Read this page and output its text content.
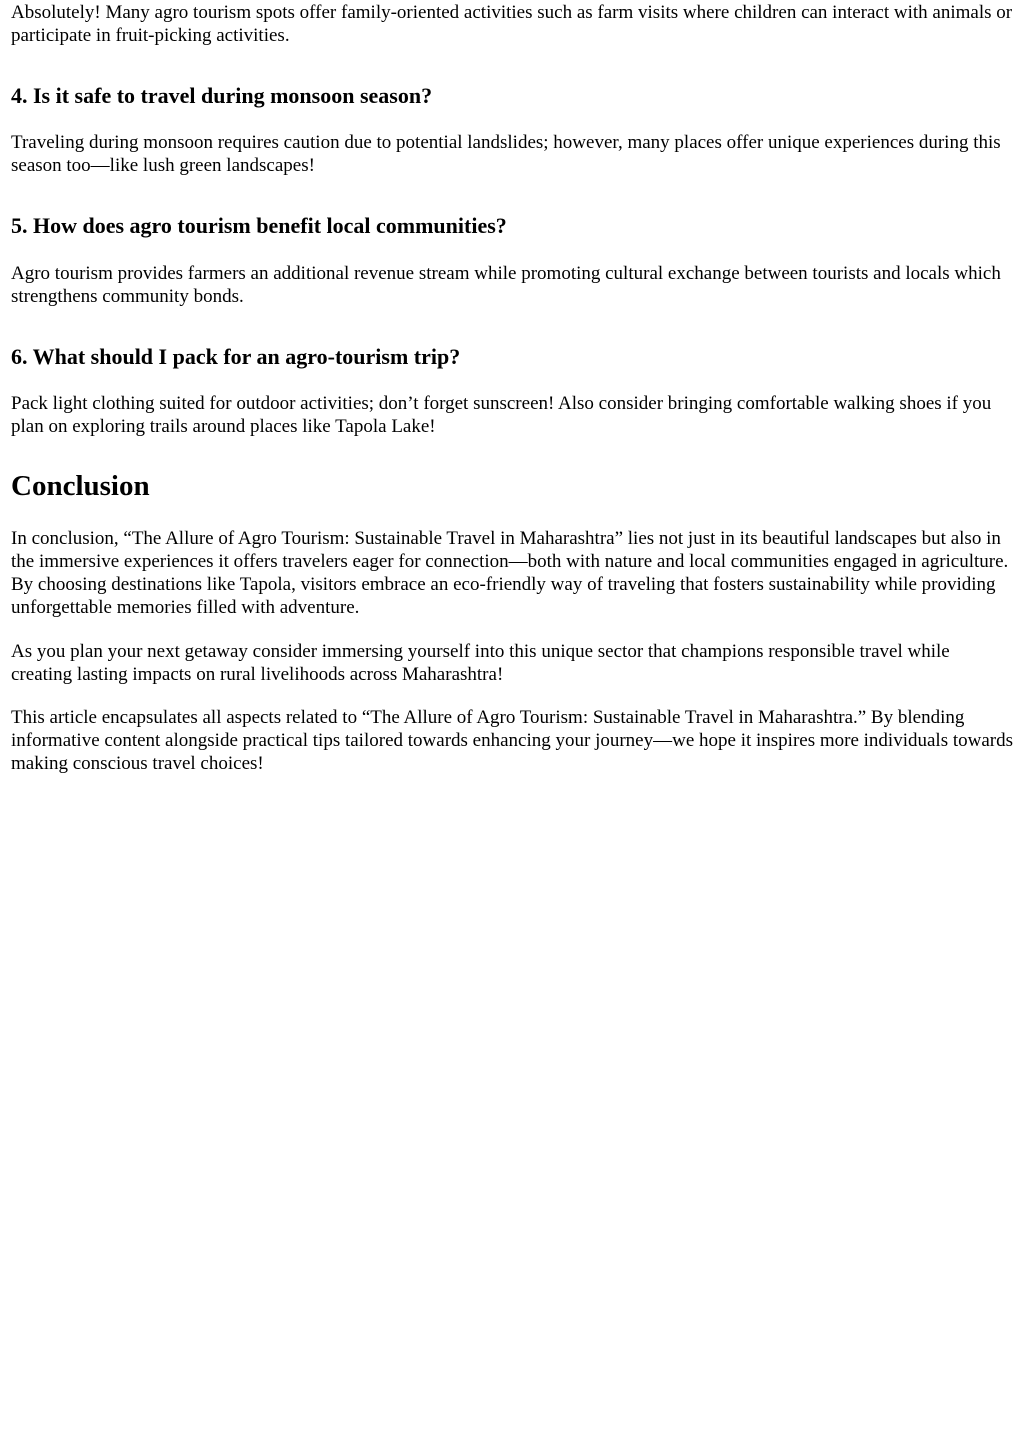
Absolutely! Many agro tourism spots offer family-oriented activities such as farm visits where children can interact with animals or participate in fruit-picking activities.

4. Is it safe to travel during monsoon season?

Traveling during monsoon requires caution due to potential landslides; however, many places offer unique experiences during this season too—like lush green landscapes!

5. How does agro tourism benefit local communities?

Agro tourism provides farmers an additional revenue stream while promoting cultural exchange between tourists and locals which strengthens community bonds.

6. What should I pack for an agro-tourism trip?

Pack light clothing suited for outdoor activities; don’t forget sunscreen! Also consider bringing comfortable walking shoes if you plan on exploring trails around places like Tapola Lake!

Conclusion

In conclusion, “The Allure of Agro Tourism: Sustainable Travel in Maharashtra” lies not just in its beautiful landscapes but also in the immersive experiences it offers travelers eager for connection—both with nature and local communities engaged in agriculture. By choosing destinations like Tapola, visitors embrace an eco-friendly way of traveling that fosters sustainability while providing unforgettable memories filled with adventure.

As you plan your next getaway consider immersing yourself into this unique sector that champions responsible travel while creating lasting impacts on rural livelihoods across Maharashtra!

This article encapsulates all aspects related to “The Allure of Agro Tourism: Sustainable Travel in Maharashtra.” By blending informative content alongside practical tips tailored towards enhancing your journey—we hope it inspires more individuals towards making conscious travel choices!
